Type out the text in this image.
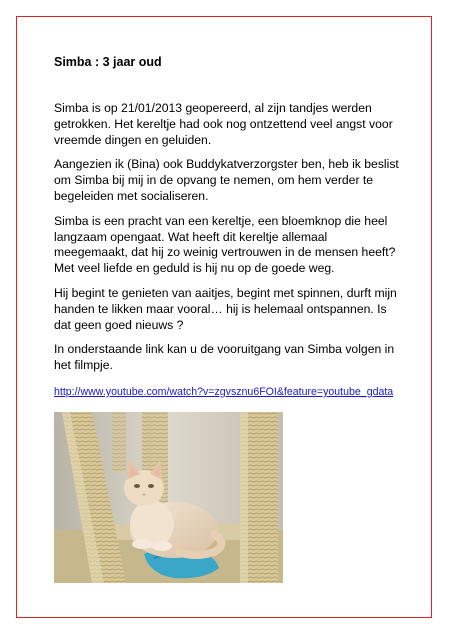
Simba : 3 jaar oud

Simba is op 21/01/2013 geopereerd, al zijn tandjes werden getrokken. Het kereltje had ook nog ontzettend veel angst voor vreemde dingen en geluiden.

Aangezien ik (Bina) ook Buddykatverzorgster ben, heb ik beslist om Simba bij mij in de opvang te nemen, om hem verder te begeleiden met socialiseren.

Simba is een pracht van een kereltje, een bloemknop die heel langzaam opengaat. Wat heeft dit kereltje allemaal meegemaakt, dat hij zo weinig vertrouwen in de mensen heeft? Met veel liefde en geduld is hij nu op de goede weg.

Hij begint te genieten van aaitjes, begint met spinnen, durft mijn handen te likken maar vooral… hij is helemaal ontspannen. Is dat geen goed nieuws ?

In onderstaande link kan u de vooruitgang van Simba volgen in het filmpje.

http://www.youtube.com/watch?v=zgvsznu6FOI&feature=youtube_gdata
